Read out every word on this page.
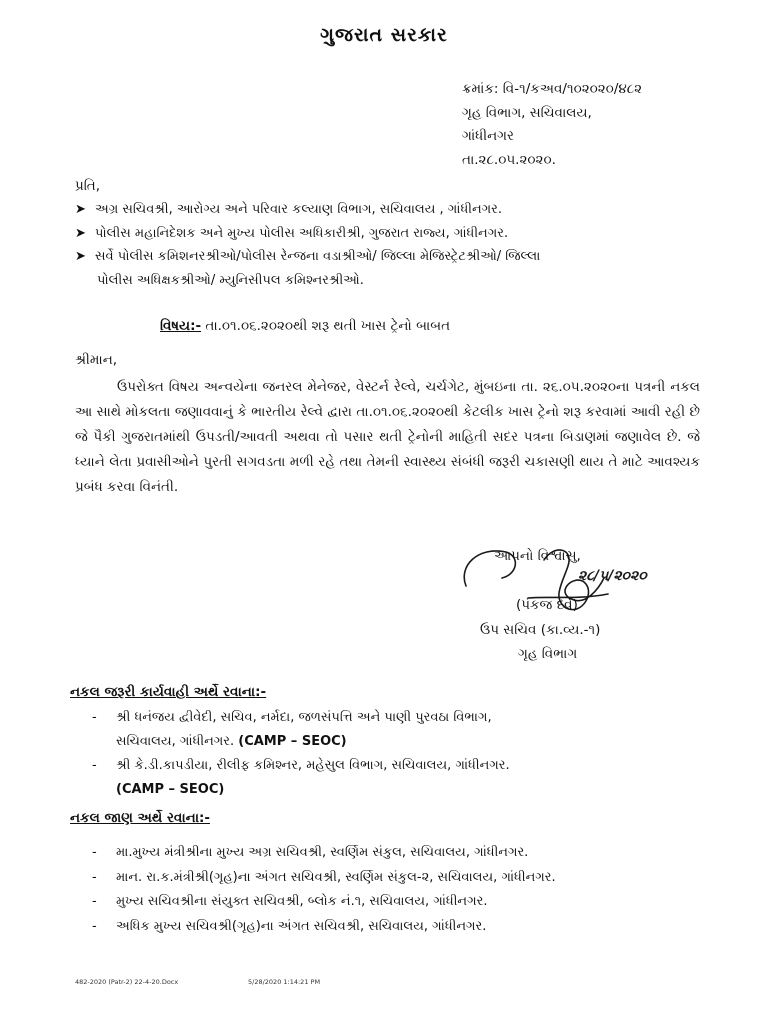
ગુજરાત સરકાર
ક્રમાંક: વિ-૧/કઅવ/૧૦૨૦૨૦/૪૮૨
ગૃહ વિભાગ, સચિવાલય,
ગાંધીનગર
તા.૨૮.૦૫.૨૦૨૦.
પ્રતિ,
➤ અગ્ર સચિવશ્રી, આરોગ્ય અને પરિવાર કલ્યાણ વિભાગ, સચિવાલય , ગાંધીનગર.
➤ પોલીસ મહાનિદેશક અને મુખ્ય પોલીસ અધિકારીશ્રી, ગુજરાત રાજ્ય, ગાંધીનગર.
➤ સર્વે પોલીસ કમિશનરશ્રીઓ/પોલીસ રેન્જના વડાશ્રીઓ/ જિલ્લા મેજિસ્ટ્રેટશ્રીઓ/ જિલ્લા
પોલીસ અધિક્ષકશ્રીઓ/ મ્યુનિસીપલ કમિશ્નરશ્રીઓ.
વિષય:- તા.૦૧.૦૬.૨૦૨૦થી શરૂ થતી ખાસ ટ્રેનો બાબત
શ્રીમાન,

ઉપરોક્ત વિષય અન્વયેના જનરલ મેનેજર, વેસ્ટર્ન રેલ્વે, ચર્ચગેટ, મુંબઇના તા. ૨૬.૦૫.૨૦૨૦ના પત્રની નકલ આ સાથે મોકલતા જણાવવાનું કે ભારતીય રેલ્વે દ્વારા તા.૦૧.૦૬.૨૦૨૦થી કેટલીક ખાસ ટ્રેનો શરૂ કરવામાં આવી રહી છે જે પૈકી ગુજરાતમાંથી ઉપડતી/આવતી અથવા તો પસાર થતી ટ્રેનોની માહિતી સદર પત્રના બિડાણમાં જણાવેલ છે. જે ધ્યાને લેતા પ્રવાસીઓને પુરતી સગવડતા મળી રહે તથા તેમની સ્વાસ્થ્ય સંબંધી જરૂરી ચકાસણી થાય તે માટે આવશ્યક પ્રબંધ કરવા વિનંતી.

૨૮/૫/૨૦૨૦
આપનો વિશ્વાસુ,
(પંકજ દવે)
ઉપ સચિવ (કા.વ્ય.-૧)
ગૃહ વિભાગ
નકલ જરૂરી કાર્યવાહી અર્થે રવાના:-
-	શ્રી ધનંજય દ્વીવેદી, સચિવ, નર્મદા, જળસંપત્તિ અને પાણી પુરવઠા વિભાગ,
સચિવાલય, ગાંધીનગર. (CAMP – SEOC)
-	શ્રી કે.ડી.કાપડીયા, રીલીફ કમિશ્નર, મહેસુલ વિભાગ, સચિવાલય, ગાંધીનગર.
(CAMP – SEOC)
નકલ જાણ અર્થે રવાના:-
-	મા.મુખ્ય મંત્રીશ્રીના મુખ્ય અગ્ર સચિવશ્રી, સ્વર્ણિમ સંકુલ, સચિવાલય, ગાંધીનગર.
-	માન. રા.ક.મંત્રીશ્રી(ગૃહ)ના અંગત સચિવશ્રી, સ્વર્ણિમ સંકુલ-૨, સચિવાલય, ગાંધીનગર.
-	મુખ્ય સચિવશ્રીના સંયુક્ત સચિવશ્રી, બ્લોક નં.૧, સચિવાલય, ગાંધીનગર.
-	અધિક મુખ્ય સચિવશ્રી(ગૃહ)ના અંગત સચિવશ્રી, સચિવાલય, ગાંધીનગર.
482-2020 (Patr-2) 22-4-20.Docx	5/28/2020 1:14:21 PM
